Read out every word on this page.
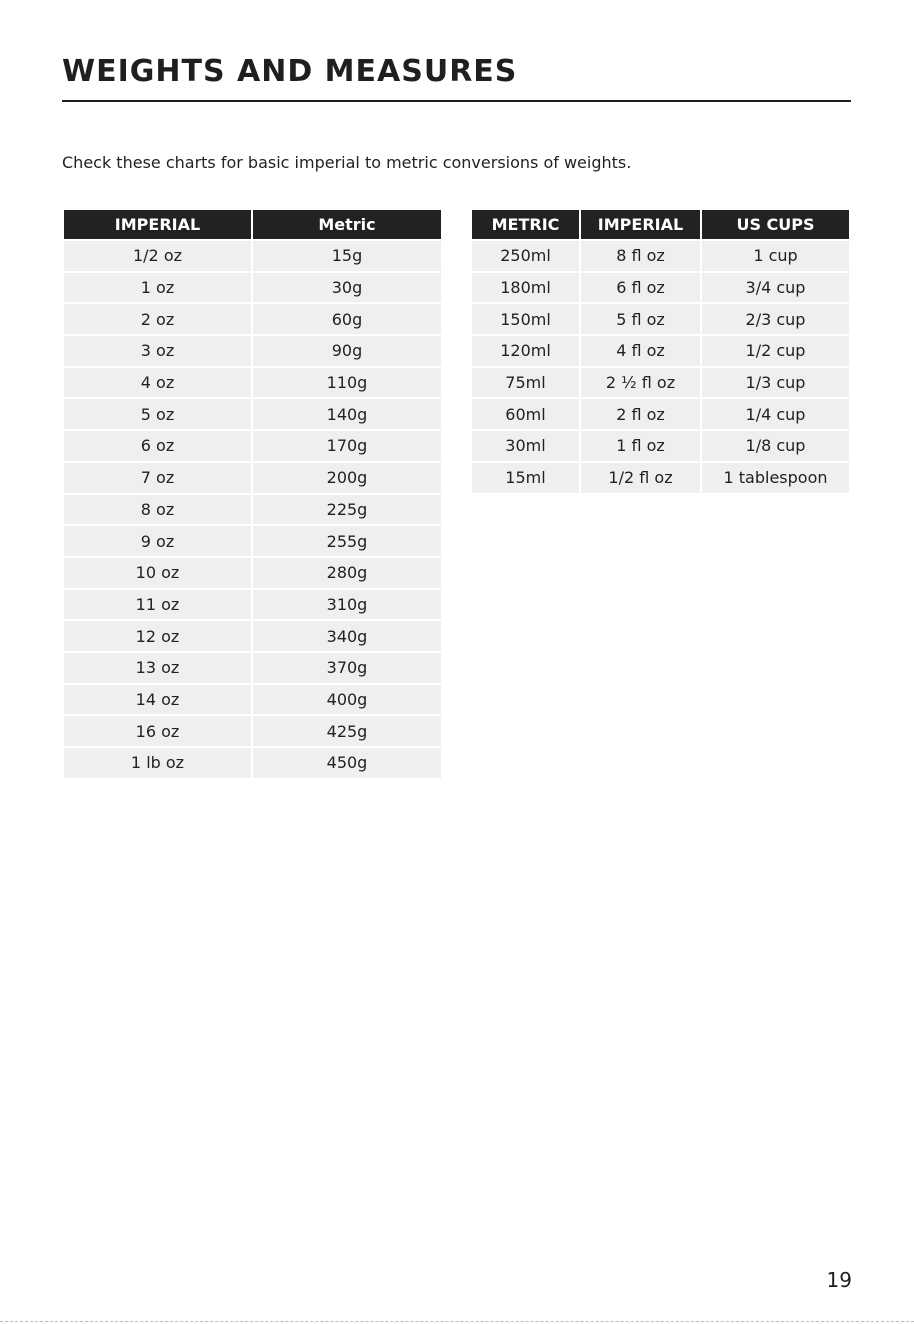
WEIGHTS AND MEASURES

Check these charts for basic imperial to metric conversions of weights.

IMPERIAL	Metric
1/2 oz	15g
1 oz	30g
2 oz	60g
3 oz	90g
4 oz	110g
5 oz	140g
6 oz	170g
7 oz	200g
8 oz	225g
9 oz	255g
10 oz	280g
11 oz	310g
12 oz	340g
13 oz	370g
14 oz	400g
16 oz	425g
1 lb oz	450g
METRIC	IMPERIAL	US CUPS
250ml	8 fl oz	1 cup
180ml	6 fl oz	3/4 cup
150ml	5 fl oz	2/3 cup
120ml	4 fl oz	1/2 cup
75ml	2 ½ fl oz	1/3 cup
60ml	2 fl oz	1/4 cup
30ml	1 fl oz	1/8 cup
15ml	1/2 fl oz	1 tablespoon
19
